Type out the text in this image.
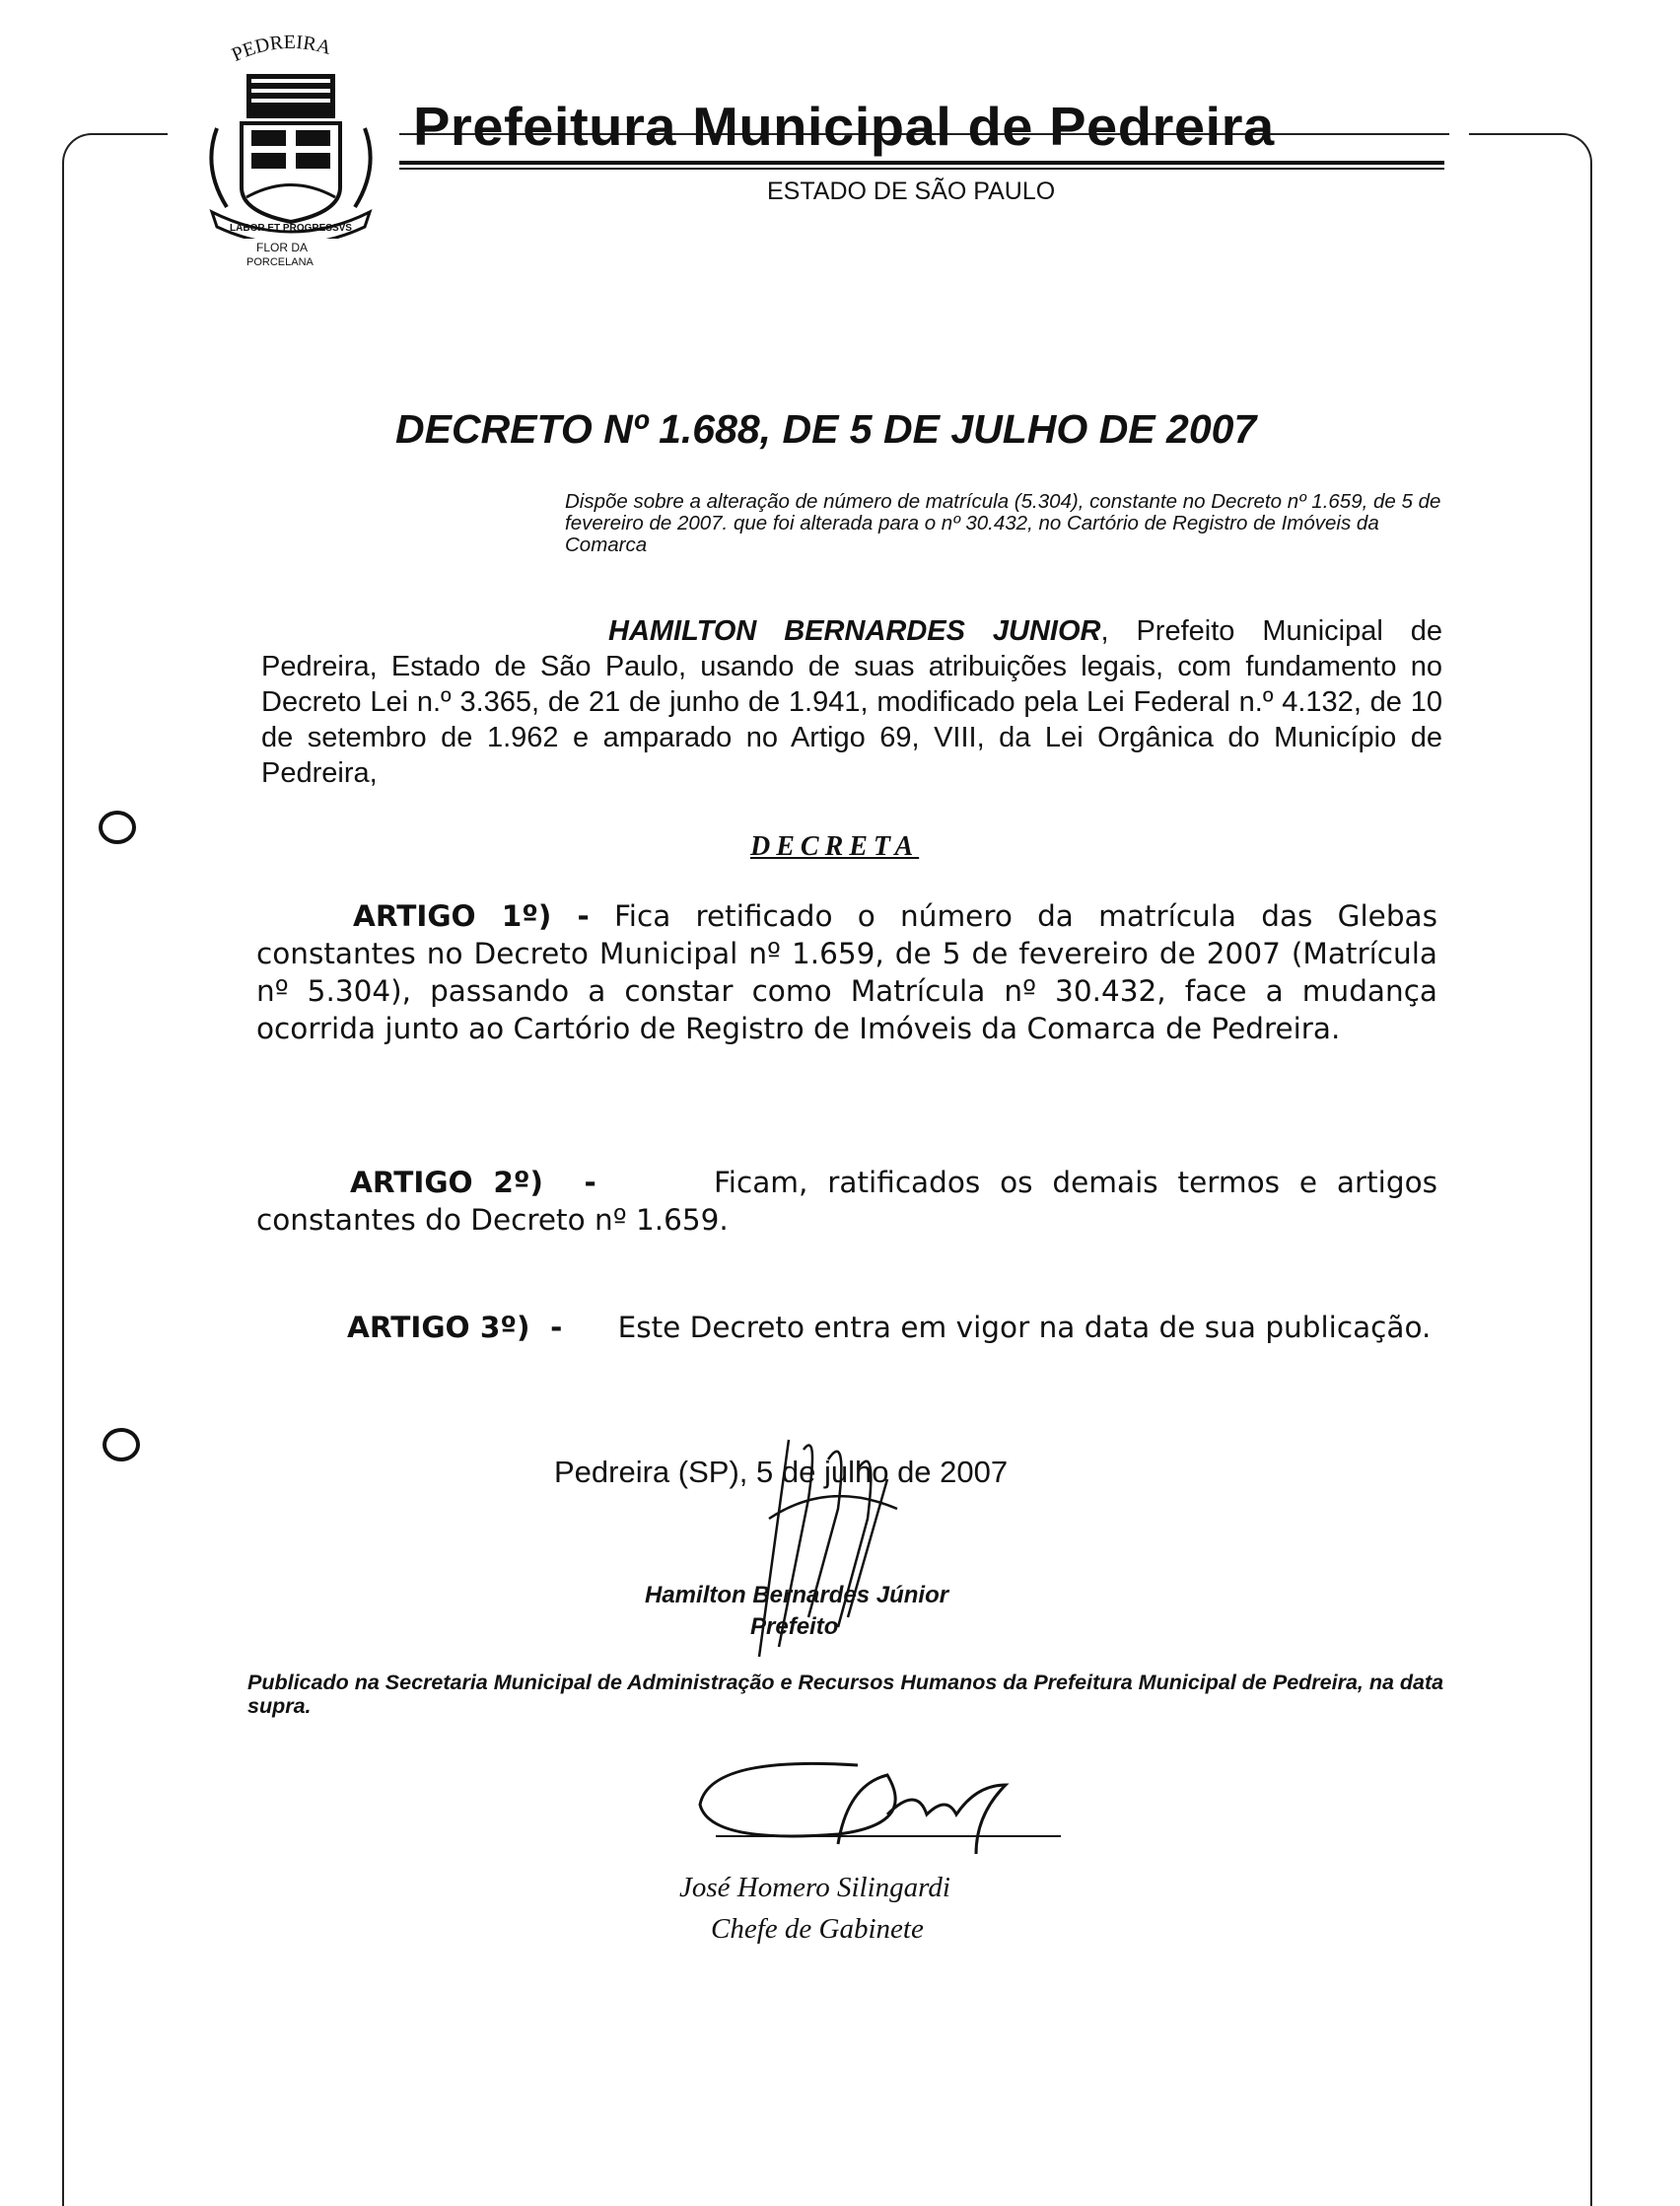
PEDREIRA
LABOR ET PROGRESSVS
FLOR DA
PORCELANA
Prefeitura Municipal de Pedreira
ESTADO DE SÃO PAULO
DECRETO Nº 1.688, DE 5 DE JULHO DE 2007
Dispõe sobre a alteração de número de matrícula (5.304), constante no Decreto nº 1.659, de 5 de fevereiro de 2007. que foi alterada para o nº 30.432, no Cartório de Registro de Imóveis da Comarca
HAMILTON BERNARDES JUNIOR, Prefeito Municipal de Pedreira, Estado de São Paulo, usando de suas atribuições legais, com fundamento no Decreto Lei n.º 3.365, de 21 de junho de 1.941, modificado pela Lei Federal n.º 4.132, de 10 de setembro de 1.962 e amparado no Artigo 69, VIII, da Lei Orgânica do Município de Pedreira,
DECRETA
ARTIGO 1º) - Fica retificado o número da matrícula das Glebas constantes no Decreto Municipal nº 1.659, de 5 de fevereiro de 2007 (Matrícula nº 5.304), passando a constar como Matrícula nº 30.432, face a mudança ocorrida junto ao Cartório de Registro de Imóveis da Comarca de Pedreira.
ARTIGO 2º)  -      Ficam, ratificados os demais termos e artigos constantes do Decreto nº 1.659.
ARTIGO 3º)  -      Este Decreto entra em vigor na data de sua publicação.
Pedreira (SP), 5 de julho de 2007
Hamilton Bernardes Júnior
Prefeito
Publicado na Secretaria Municipal de Administração e Recursos Humanos da Prefeitura Municipal de Pedreira, na data supra.
José Homero Silingardi
Chefe de Gabinete
